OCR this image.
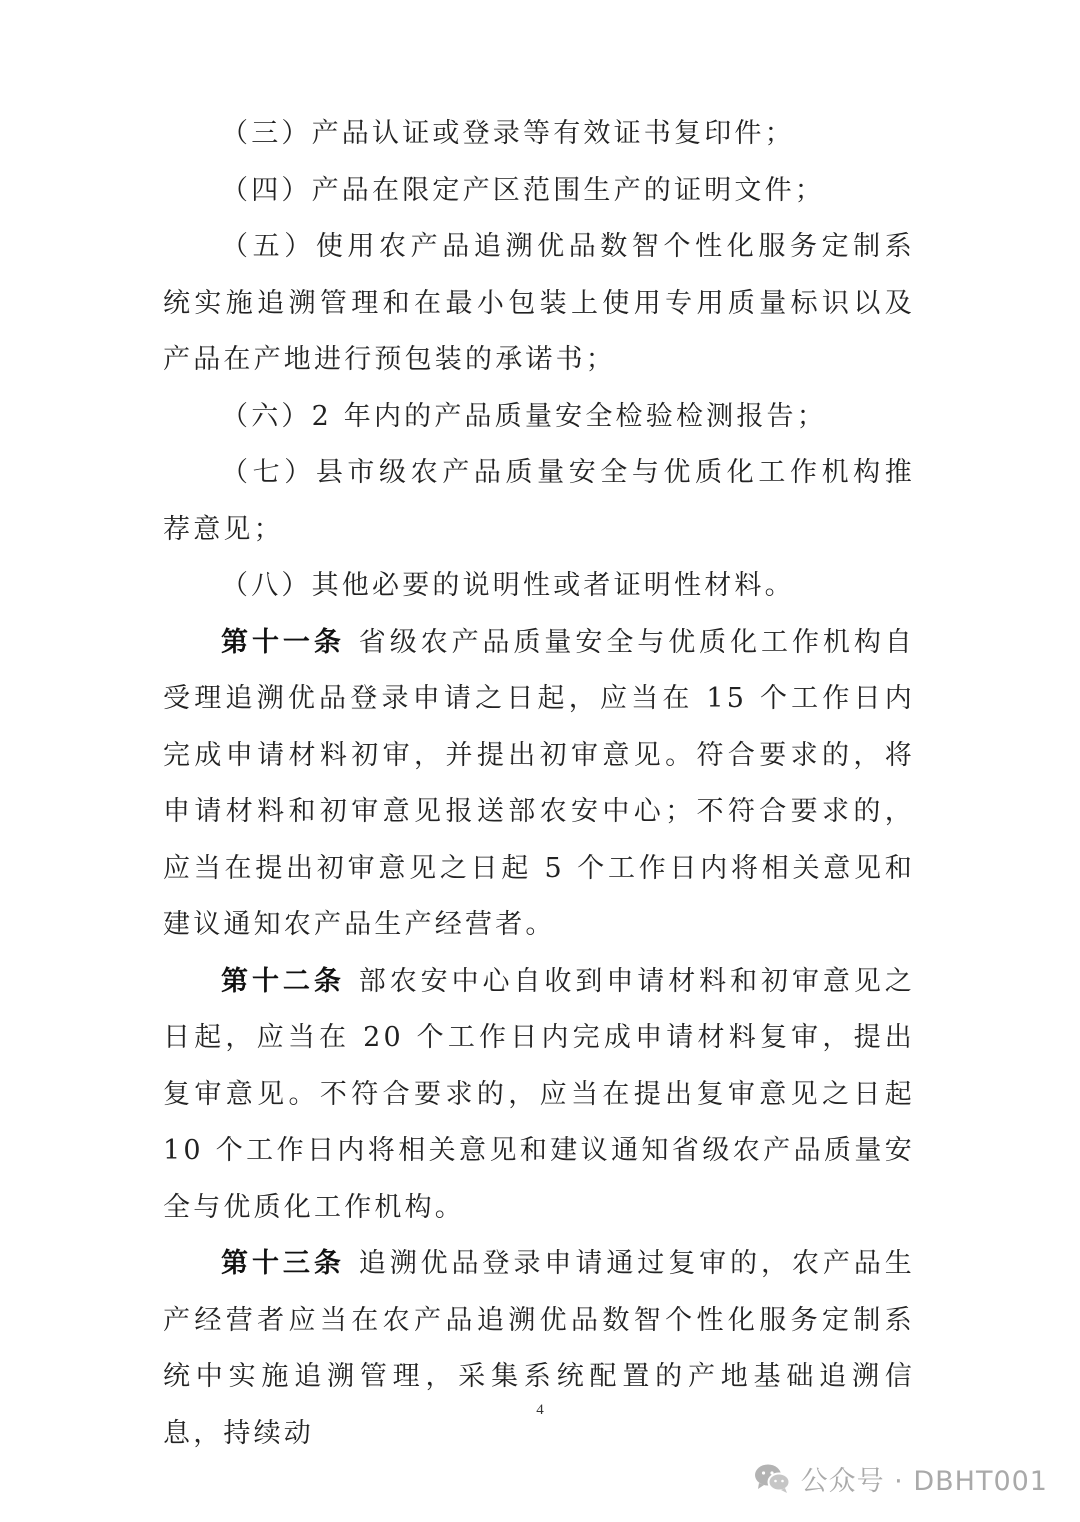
（三）产品认证或登录等有效证书复印件；

（四）产品在限定产区范围生产的证明文件；

（五）使用农产品追溯优品数智个性化服务定制系统实施追溯管理和在最小包装上使用专用质量标识以及产品在产地进行预包装的承诺书；

（六）2 年内的产品质量安全检验检测报告；

（七）县市级农产品质量安全与优质化工作机构推荐意见；

（八）其他必要的说明性或者证明性材料。

第十一条 省级农产品质量安全与优质化工作机构自受理追溯优品登录申请之日起，应当在 15 个工作日内完成申请材料初审，并提出初审意见。符合要求的，将申请材料和初审意见报送部农安中心；不符合要求的，应当在提出初审意见之日起 5 个工作日内将相关意见和建议通知农产品生产经营者。

第十二条 部农安中心自收到申请材料和初审意见之日起，应当在 20 个工作日内完成申请材料复审，提出复审意见。不符合要求的，应当在提出复审意见之日起 10 个工作日内将相关意见和建议通知省级农产品质量安全与优质化工作机构。

第十三条 追溯优品登录申请通过复审的，农产品生产经营者应当在农产品追溯优品数智个性化服务定制系统中实施追溯管理，采集系统配置的产地基础追溯信息，持续动

4
公众号 · DBHT001
